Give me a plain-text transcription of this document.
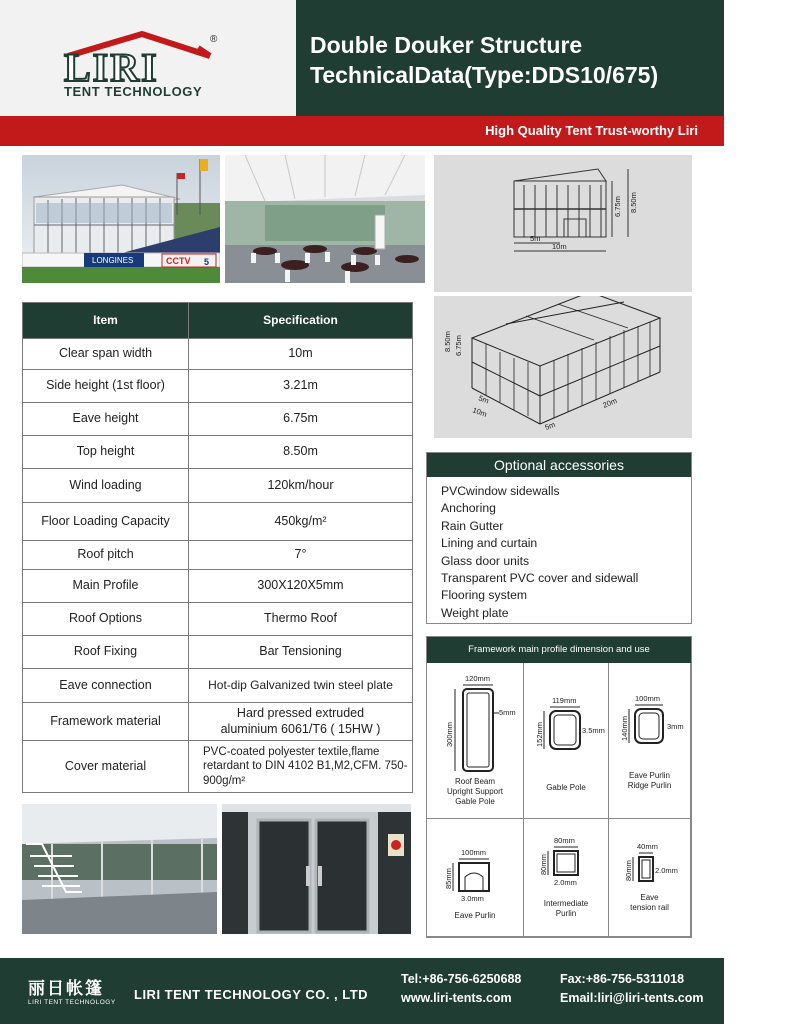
LIRI
®
TENT TECHNOLOGY
Double Douker Structure
TechnicalData(Type:DDS10/675)
High Quality Tent Trust-worthy Liri
LONGINES	CCTV 5
5m
10m
6.75m 8.50m
8.50m 6.75m
5m
10m
5m
20m
Item	Specification
Clear span width	10m
Side height (1st floor)	3.21m
Eave height	6.75m
Top height	8.50m
Wind loading	120km/hour
Floor Loading Capacity	450kg/m²
Roof pitch	7°
Main Profile	300X120X5mm
Roof Options	Thermo Roof
Roof Fixing	Bar Tensioning
Eave connection	Hot-dip Galvanized twin steel plate
Framework material	Hard pressed extruded aluminium 6061/T6 ( 15HW )
Cover material	PVC-coated polyester textile,flame retardant to DIN 4102 B1,M2,CFM. 750-900g/m²
Optional accessories
PVCwindow sidewalls
Anchoring
Rain Gutter
Lining and curtain
Glass door units
Transparent PVC cover and sidewall
Flooring system
Weight plate
Framework main profile dimension and use
120mm
300mm
5mm
Roof Beam
Upright Support
Gable Pole
119mm
152mm	3.5mm
Gable Pole
100mm
140mm	3mm
Eave Purlin
Ridge Purlin
100mm
85mm
3.0mm
Eave Purlin
80mm
80mm
2.0mm
Intermediate
Purlin
40mm
80mm	2.0mm
Eave
tension rail
丽日帐篷
LIRI TENT TECHNOLOGY
LIRI TENT TECHNOLOGY CO. , LTD
Tel:+86-756-6250688	Fax:+86-756-5311018
www.liri-tents.com	Email:liri@liri-tents.com
